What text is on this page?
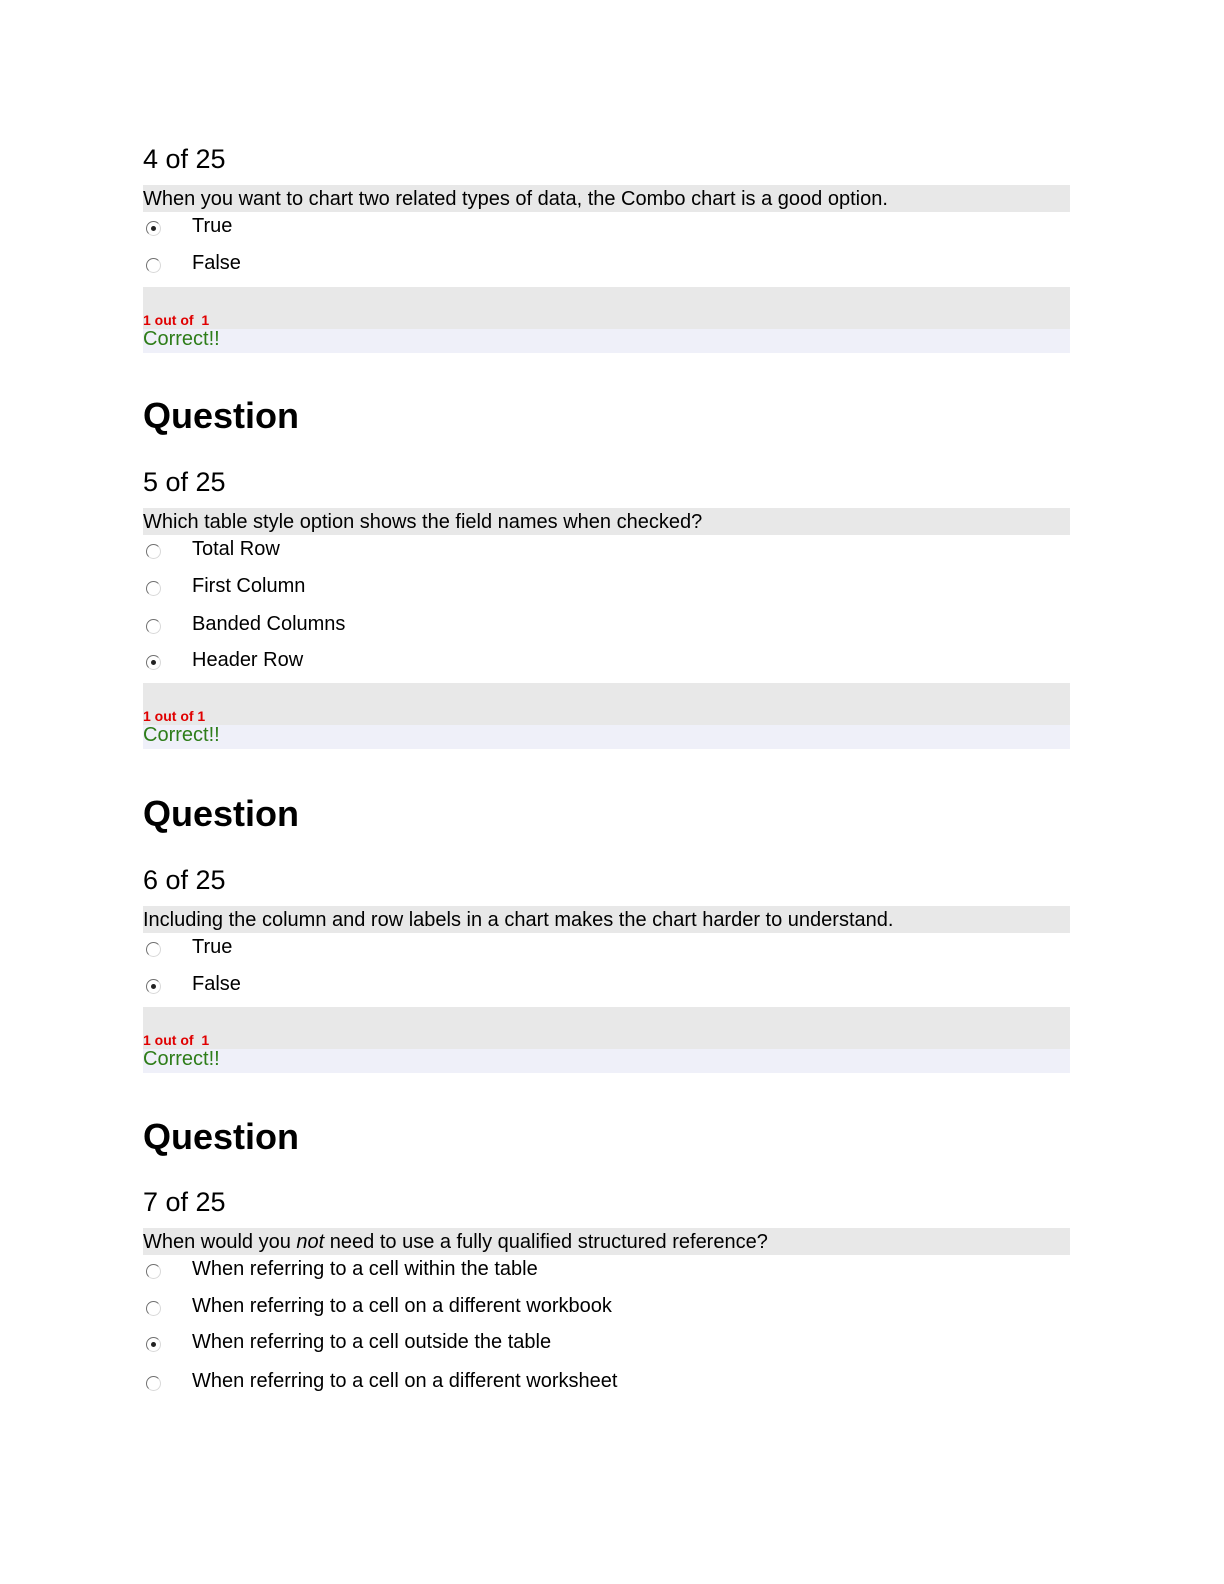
4 of 25
When you want to chart two related types of data, the Combo chart is a good option.
True
False
1 out of  1
Correct!!
Question
5 of 25
Which table style option shows the field names when checked?
Total Row
First Column
Banded Columns
Header Row
1 out of 1
Correct!!
Question
6 of 25
Including the column and row labels in a chart makes the chart harder to understand.
True
False
1 out of  1
Correct!!
Question
7 of 25
When would you not need to use a fully qualified structured reference?
When referring to a cell within the table
When referring to a cell on a different workbook
When referring to a cell outside the table
When referring to a cell on a different worksheet
